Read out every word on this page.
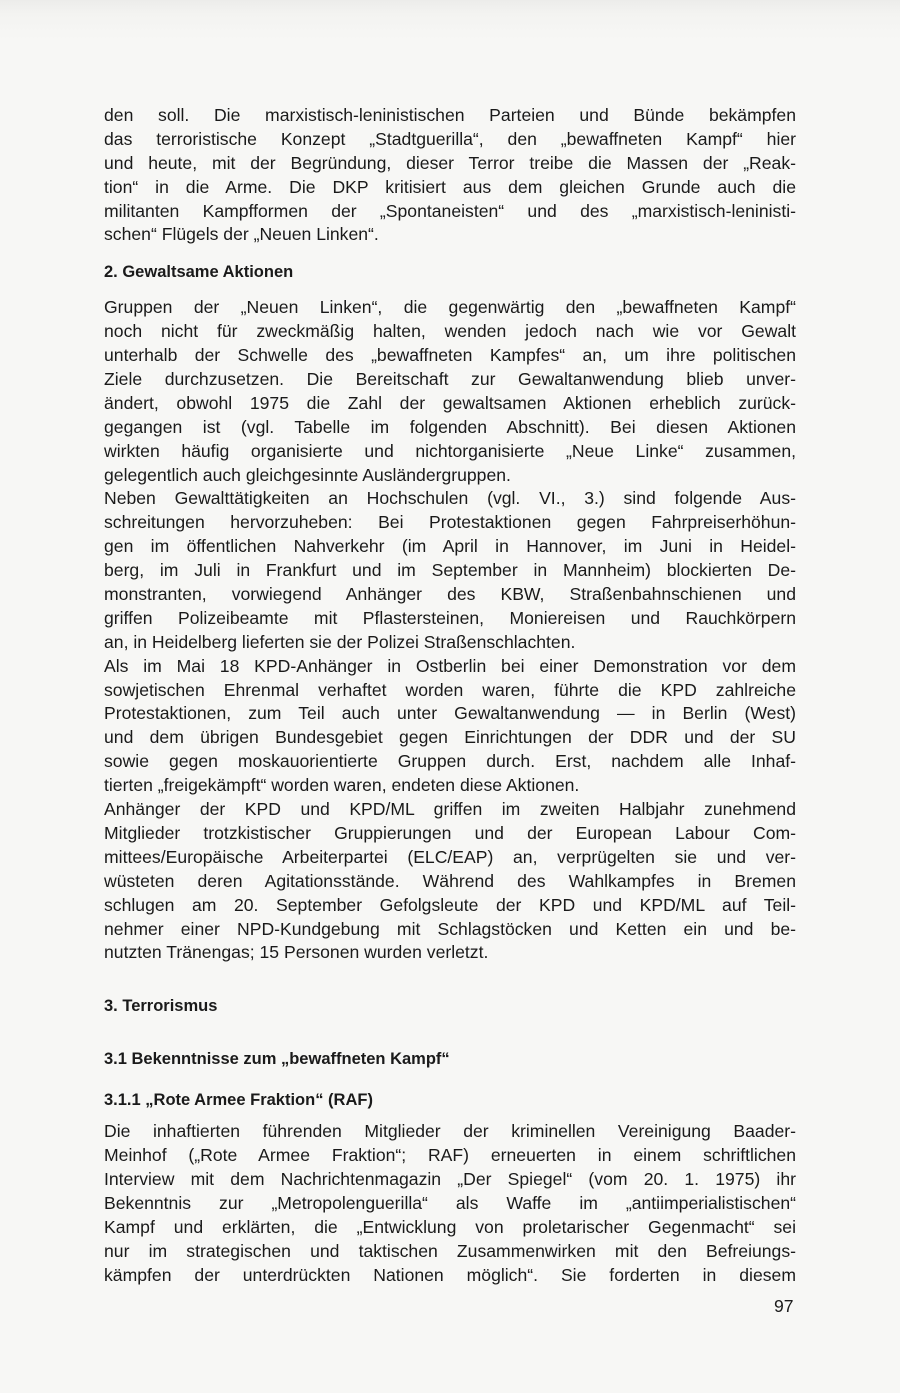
den soll. Die marxistisch-leninistischen Parteien und Bünde bekämpfen
das terroristische Konzept „Stadtguerilla“, den „bewaffneten Kampf“ hier
und heute, mit der Begründung, dieser Terror treibe die Massen der „Reak-
tion“ in die Arme. Die DKP kritisiert aus dem gleichen Grunde auch die
militanten Kampfformen der „Spontaneisten“ und des „marxistisch-leninisti-
schen“ Flügels der „Neuen Linken“.
2. Gewaltsame Aktionen
Gruppen der „Neuen Linken“, die gegenwärtig den „bewaffneten Kampf“
noch nicht für zweckmäßig halten, wenden jedoch nach wie vor Gewalt
unterhalb der Schwelle des „bewaffneten Kampfes“ an, um ihre politischen
Ziele durchzusetzen. Die Bereitschaft zur Gewaltanwendung blieb unver-
ändert, obwohl 1975 die Zahl der gewaltsamen Aktionen erheblich zurück-
gegangen ist (vgl. Tabelle im folgenden Abschnitt). Bei diesen Aktionen
wirkten häufig organisierte und nichtorganisierte „Neue Linke“ zusammen,
gelegentlich auch gleichgesinnte Ausländergruppen.
Neben Gewalttätigkeiten an Hochschulen (vgl. VI., 3.) sind folgende Aus-
schreitungen hervorzuheben: Bei Protestaktionen gegen Fahrpreiserhöhun-
gen im öffentlichen Nahverkehr (im April in Hannover, im Juni in Heidel-
berg, im Juli in Frankfurt und im September in Mannheim) blockierten De-
monstranten, vorwiegend Anhänger des KBW, Straßenbahnschienen und
griffen Polizeibeamte mit Pflastersteinen, Moniereisen und Rauchkörpern
an, in Heidelberg lieferten sie der Polizei Straßenschlachten.
Als im Mai 18 KPD-Anhänger in Ostberlin bei einer Demonstration vor dem
sowjetischen Ehrenmal verhaftet worden waren, führte die KPD zahlreiche
Protestaktionen, zum Teil auch unter Gewaltanwendung — in Berlin (West)
und dem übrigen Bundesgebiet gegen Einrichtungen der DDR und der SU
sowie gegen moskauorientierte Gruppen durch. Erst, nachdem alle Inhaf-
tierten „freigekämpft“ worden waren, endeten diese Aktionen.
Anhänger der KPD und KPD/ML griffen im zweiten Halbjahr zunehmend
Mitglieder trotzkistischer Gruppierungen und der European Labour Com-
mittees/Europäische Arbeiterpartei (ELC/EAP) an, verprügelten sie und ver-
wüsteten deren Agitationsstände. Während des Wahlkampfes in Bremen
schlugen am 20. September Gefolgsleute der KPD und KPD/ML auf Teil-
nehmer einer NPD-Kundgebung mit Schlagstöcken und Ketten ein und be-
nutzten Tränengas; 15 Personen wurden verletzt.
3. Terrorismus
3.1 Bekenntnisse zum „bewaffneten Kampf“
3.1.1 „Rote Armee Fraktion“ (RAF)
Die inhaftierten führenden Mitglieder der kriminellen Vereinigung Baader-
Meinhof („Rote Armee Fraktion“; RAF) erneuerten in einem schriftlichen
Interview mit dem Nachrichtenmagazin „Der Spiegel“ (vom 20. 1. 1975) ihr
Bekenntnis zur „Metropolenguerilla“ als Waffe im „antiimperialistischen“
Kampf und erklärten, die „Entwicklung von proletarischer Gegenmacht“ sei
nur im strategischen und taktischen Zusammenwirken mit den Befreiungs-
kämpfen der unterdrückten Nationen möglich“. Sie forderten in diesem
97
